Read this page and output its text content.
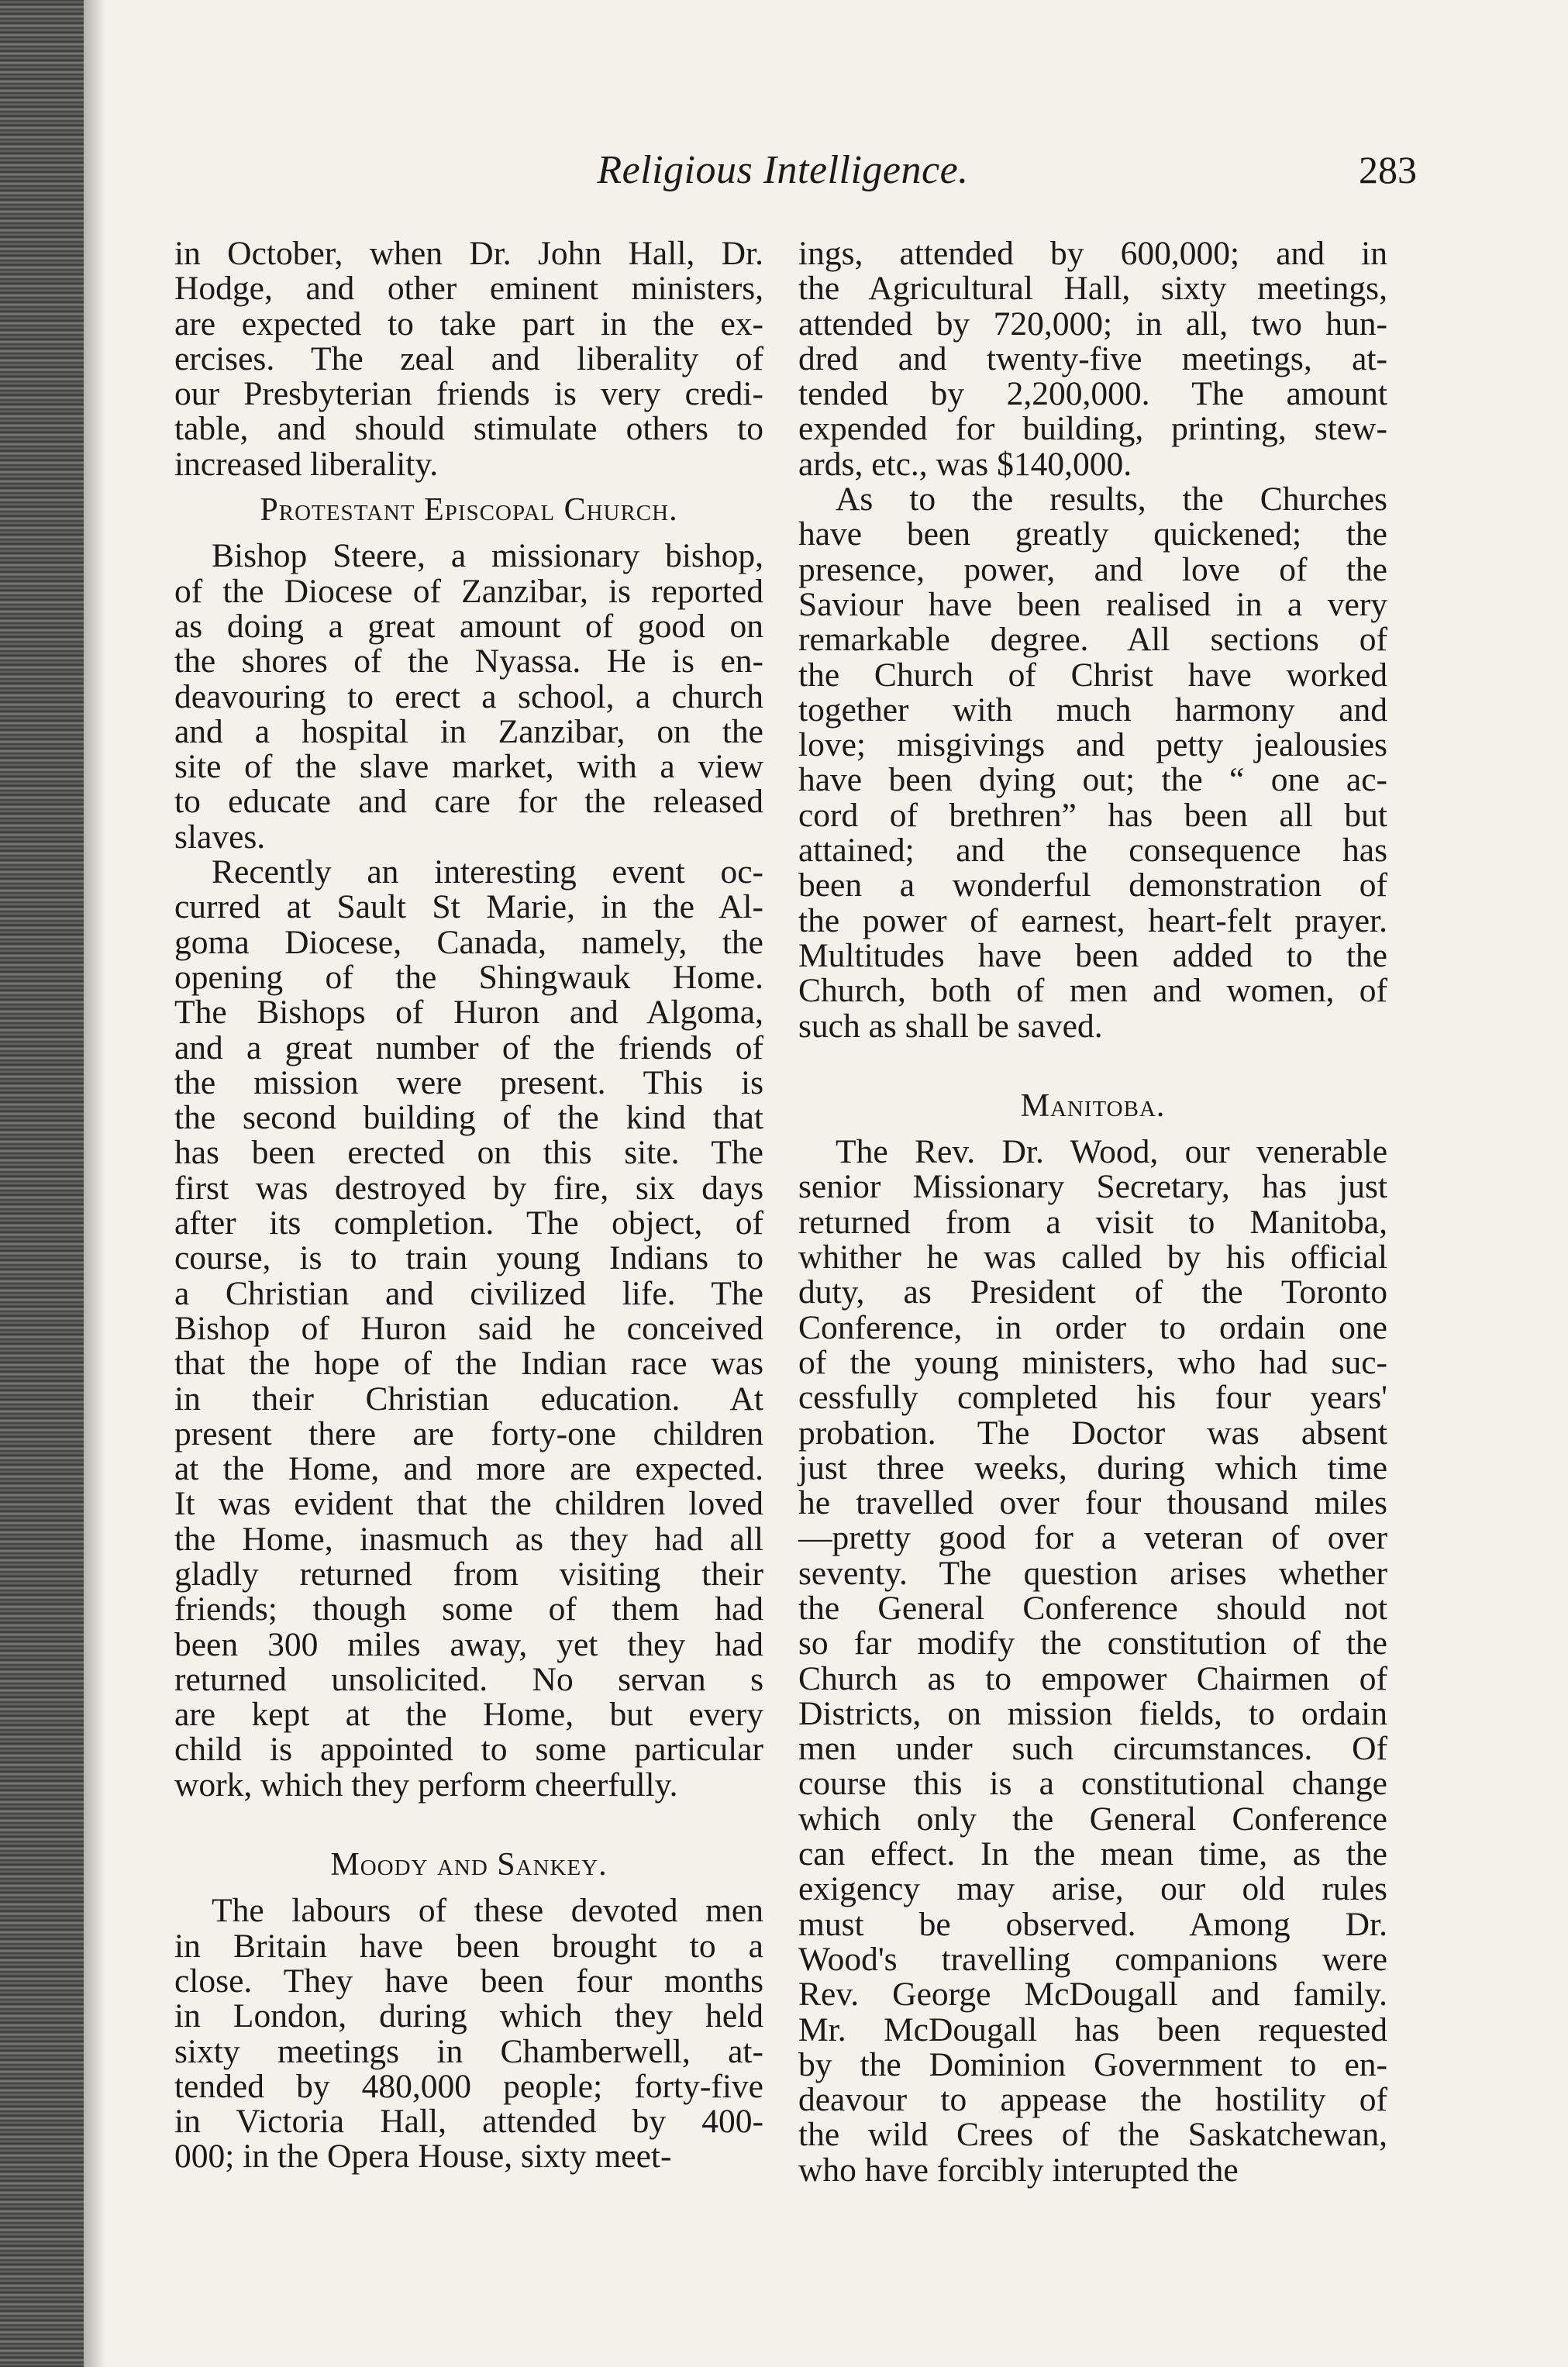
Religious Intelligence.	283
in October, when Dr. John Hall, Dr.
Hodge, and other eminent ministers,
are expected to take part in the ex-
ercises. The zeal and liberality of
our Presbyterian friends is very credi-
table, and should stimulate others to
increased liberality.
Protestant Episcopal Church.
Bishop Steere, a missionary bishop,
of the Diocese of Zanzibar, is reported
as doing a great amount of good on
the shores of the Nyassa. He is en-
deavouring to erect a school, a church
and a hospital in Zanzibar, on the
site of the slave market, with a view
to educate and care for the released
slaves.
Recently an interesting event oc-
curred at Sault St Marie, in the Al-
goma Diocese, Canada, namely, the
opening of the Shingwauk Home.
The Bishops of Huron and Algoma,
and a great number of the friends of
the mission were present. This is
the second building of the kind that
has been erected on this site. The
first was destroyed by fire, six days
after its completion. The object, of
course, is to train young Indians to
a Christian and civilized life. The
Bishop of Huron said he conceived
that the hope of the Indian race was
in their Christian education. At
present there are forty-one children
at the Home, and more are expected.
It was evident that the children loved
the Home, inasmuch as they had all
gladly returned from visiting their
friends; though some of them had
been 300 miles away, yet they had
returned unsolicited. No servan s
are kept at the Home, but every
child is appointed to some particular
work, which they perform cheerfully.
Moody and Sankey.
The labours of these devoted men
in Britain have been brought to a
close. They have been four months
in London, during which they held
sixty meetings in Chamberwell, at-
tended by 480,000 people; forty-five
in Victoria Hall, attended by 400-
000; in the Opera House, sixty meet-
ings, attended by 600,000; and in
the Agricultural Hall, sixty meetings,
attended by 720,000; in all, two hun-
dred and twenty-five meetings, at-
tended by 2,200,000. The amount
expended for building, printing, stew-
ards, etc., was $140,000.
As to the results, the Churches
have been greatly quickened; the
presence, power, and love of the
Saviour have been realised in a very
remarkable degree. All sections of
the Church of Christ have worked
together with much harmony and
love; misgivings and petty jealousies
have been dying out; the “ one ac-
cord of brethren” has been all but
attained; and the consequence has
been a wonderful demonstration of
the power of earnest, heart-felt prayer.
Multitudes have been added to the
Church, both of men and women, of
such as shall be saved.
Manitoba.
The Rev. Dr. Wood, our venerable
senior Missionary Secretary, has just
returned from a visit to Manitoba,
whither he was called by his official
duty, as President of the Toronto
Conference, in order to ordain one
of the young ministers, who had suc-
cessfully completed his four years'
probation. The Doctor was absent
just three weeks, during which time
he travelled over four thousand miles
—pretty good for a veteran of over
seventy. The question arises whether
the General Conference should not
so far modify the constitution of the
Church as to empower Chairmen of
Districts, on mission fields, to ordain
men under such circumstances. Of
course this is a constitutional change
which only the General Conference
can effect. In the mean time, as the
exigency may arise, our old rules
must be observed. Among Dr.
Wood's travelling companions were
Rev. George McDougall and family.
Mr. McDougall has been requested
by the Dominion Government to en-
deavour to appease the hostility of
the wild Crees of the Saskatchewan,
who have forcibly interupted the
